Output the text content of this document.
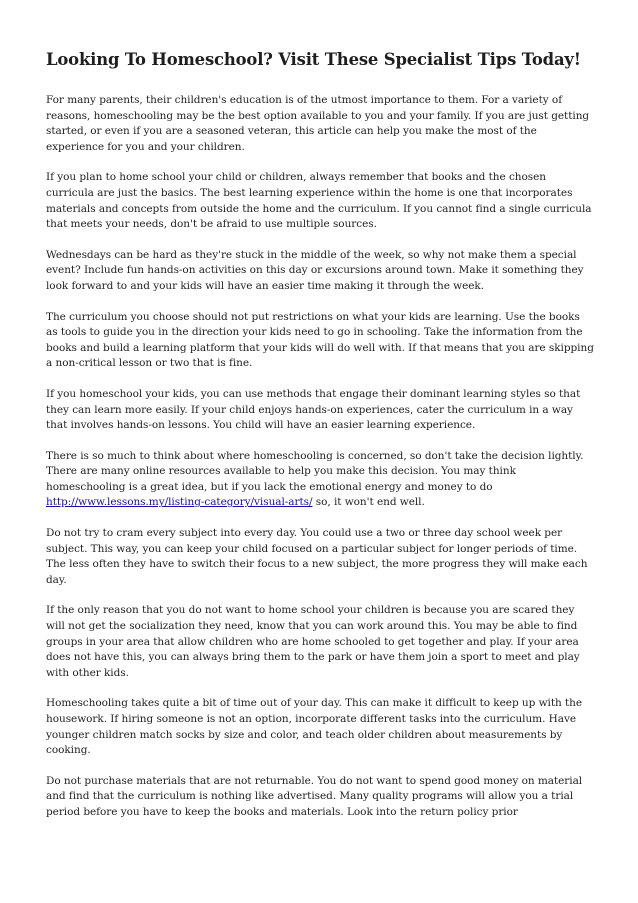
Looking To Homeschool? Visit These Specialist Tips Today!

For many parents, their children's education is of the utmost importance to them. For a variety of reasons, homeschooling may be the best option available to you and your family. If you are just getting started, or even if you are a seasoned veteran, this article can help you make the most of the experience for you and your children.

If you plan to home school your child or children, always remember that books and the chosen curricula are just the basics. The best learning experience within the home is one that incorporates materials and concepts from outside the home and the curriculum. If you cannot find a single curricula that meets your needs, don't be afraid to use multiple sources.

Wednesdays can be hard as they're stuck in the middle of the week, so why not make them a special event? Include fun hands-on activities on this day or excursions around town. Make it something they look forward to and your kids will have an easier time making it through the week.

The curriculum you choose should not put restrictions on what your kids are learning. Use the books as tools to guide you in the direction your kids need to go in schooling. Take the information from the books and build a learning platform that your kids will do well with. If that means that you are skipping a non-critical lesson or two that is fine.

If you homeschool your kids, you can use methods that engage their dominant learning styles so that they can learn more easily. If your child enjoys hands-on experiences, cater the curriculum in a way that involves hands-on lessons. You child will have an easier learning experience.

There is so much to think about where homeschooling is concerned, so don't take the decision lightly. There are many online resources available to help you make this decision. You may think homeschooling is a great idea, but if you lack the emotional energy and money to do http://www.lessons.my/listing-category/visual-arts/ so, it won't end well.

Do not try to cram every subject into every day. You could use a two or three day school week per subject. This way, you can keep your child focused on a particular subject for longer periods of time. The less often they have to switch their focus to a new subject, the more progress they will make each day.

If the only reason that you do not want to home school your children is because you are scared they will not get the socialization they need, know that you can work around this. You may be able to find groups in your area that allow children who are home schooled to get together and play. If your area does not have this, you can always bring them to the park or have them join a sport to meet and play with other kids.

Homeschooling takes quite a bit of time out of your day. This can make it difficult to keep up with the housework. If hiring someone is not an option, incorporate different tasks into the curriculum. Have younger children match socks by size and color, and teach older children about measurements by cooking.

Do not purchase materials that are not returnable. You do not want to spend good money on material and find that the curriculum is nothing like advertised. Many quality programs will allow you a trial period before you have to keep the books and materials. Look into the return policy prior
